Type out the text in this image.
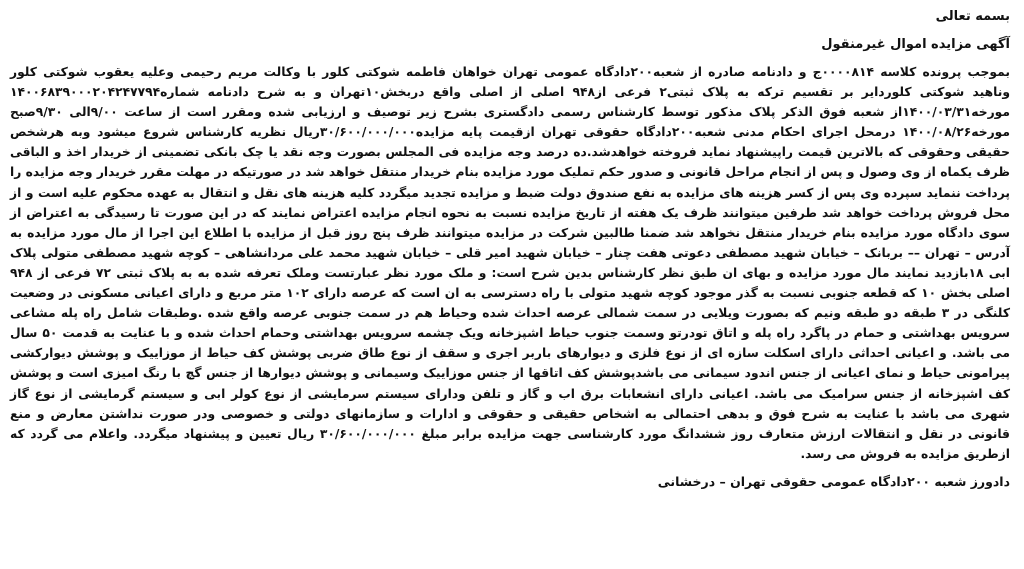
بسمه تعالی

آگهی مزایده اموال غیرمنقول

بموجب پرونده کلاسه ۰۰۰۰۸۱۴ج و دادنامه صادره از شعبه۲۰۰دادگاه عمومی تهران خواهان فاطمه شوکتی کلور با وکالت مریم رحیمی وعلیه یعقوب شوکتی کلور وناهید شوکتی کلوردایر بر تقسیم ترکه به پلاک ثبتی۲ فرعی از۹۴۸ اصلی از اصلی واقع دربخش۱۰تهران و به شرح دادنامه شماره۱۴۰۰۶۸۳۹۰۰۰۲۰۴۲۴۷۷۹۴ مورخه۱۴۰۰/۰۳/۳۱از شعبه فوق الذکر پلاک مذکور توسط کارشناس رسمی دادگستری بشرح زیر توصیف و ارزیابی شده ومقرر است از ساعت ۹/۰۰الی ۹/۳۰صبح مورخه۱۴۰۰/۰۸/۲۶ درمحل اجرای احکام مدنی شعبه۲۰۰دادگاه حقوقی تهران ازقیمت پایه مزایده۳۰/۶۰۰/۰۰۰/۰۰۰ریال نظریه کارشناس شروع میشود وبه هرشخص حقیقی وحقوقی که بالاترین قیمت راپیشنهاد نماید فروخته خواهدشد.ده درصد وجه مزایده فی المجلس بصورت وجه نقد یا چک بانکی تضمینی از خریدار اخذ و الباقی ظرف یکماه از وی وصول و پس از انجام مراحل قانونی و صدور حکم تملیک مورد مزایده بنام خریدار منتقل خواهد شد در صورتیکه در مهلت مقرر خریدار وجه مزایده را پرداخت ننماید سپرده وی پس از کسر هزینه های مزایده به نفع صندوق دولت ضبط و مزایده تجدید میگردد کلیه هزینه های نقل و انتقال به عهده محکوم علیه است و از محل فروش پرداخت خواهد شد طرفین میتوانند ظرف یک هفته از تاریخ مزایده نسبت به نحوه انجام مزایده اعتراض نمایند که در این صورت تا رسیدگی به اعتراض از سوی دادگاه مورد مزایده بنام خریدار منتقل نخواهد شد ضمنا طالبین شرکت در مزایده میتوانند ظرف پنج روز قبل از مزایده با اطلاع این اجرا از مال مورد مزایده به آدرس – تهران –– بربانک – خیابان شهید مصطفی دعوتی هفت چنار – خیابان شهید امیر قلی – خیابان شهید محمد علی مردانشاهی – کوچه شهید مصطفی متولی پلاک ابی ۱۸بازدید نمایند مال مورد مزایده و بهای ان طبق نظر کارشناس بدین شرح است: و ملک مورد نظر عبارتست وملک تعرفه شده به به پلاک ثبتی ۷۲ فرعی از ۹۴۸ اصلی بخش ۱۰ که قطعه جنوبی نسبت به گذر موجود کوچه شهید متولی با راه دسترسی به ان است که عرصه دارای ۱۰۲ متر مربع و دارای اعیانی مسکونی در وضعیت کلنگی در ۳ طبقه دو طبقه ونیم که بصورت ویلایی در سمت شمالی عرصه احداث شده وحیاط هم در سمت جنوبی عرصه واقع شده .وطبقات شامل راه پله مشاعی سرویس بهداشتی و حمام در پاگرد راه پله و اتاق تودرتو وسمت جنوب حیاط اشپزخانه ویک چشمه سرویس بهداشتی وحمام احداث شده و با عنایت به قدمت ۵۰ سال می باشد. و اعیانی احداثی دارای اسکلت سازه ای از نوع فلزی و دیوارهای باربر اجری و سقف از نوع طاق ضربی پوشش کف حیاط از موزاییک و پوشش دیوارکشی پیرامونی حیاط و نمای اعیانی از جنس اندود سیمانی می باشدپوشش کف اتاقها از جنس موزاییک وسیمانی و پوشش دیوارها از جنس گچ با رنگ امیزی است و پوشش کف اشپزخانه از جنس سرامیک می باشد. اعیانی دارای انشعابات برق اب و گاز و تلفن ودارای سیستم سرمایشی از نوع کولر ابی و سیستم گرمایشی از نوع گاز شهری می باشد با عنایت به شرح فوق و بدهی احتمالی به اشخاص حقیقی و حقوقی و ادارات و سازمانهای دولتی و خصوصی ودر صورت نداشتن معارض و منع قانونی در نقل و انتقالات ارزش متعارف روز ششدانگ مورد کارشناسی جهت مزایده برابر مبلغ ۳۰/۶۰۰/۰۰۰/۰۰۰ ریال تعیین و پیشنهاد میگردد. واعلام می گردد که ازطریق مزایده به فروش می رسد.

دادورز شعبه ۲۰۰دادگاه عمومی حقوقی تهران – درخشانی
